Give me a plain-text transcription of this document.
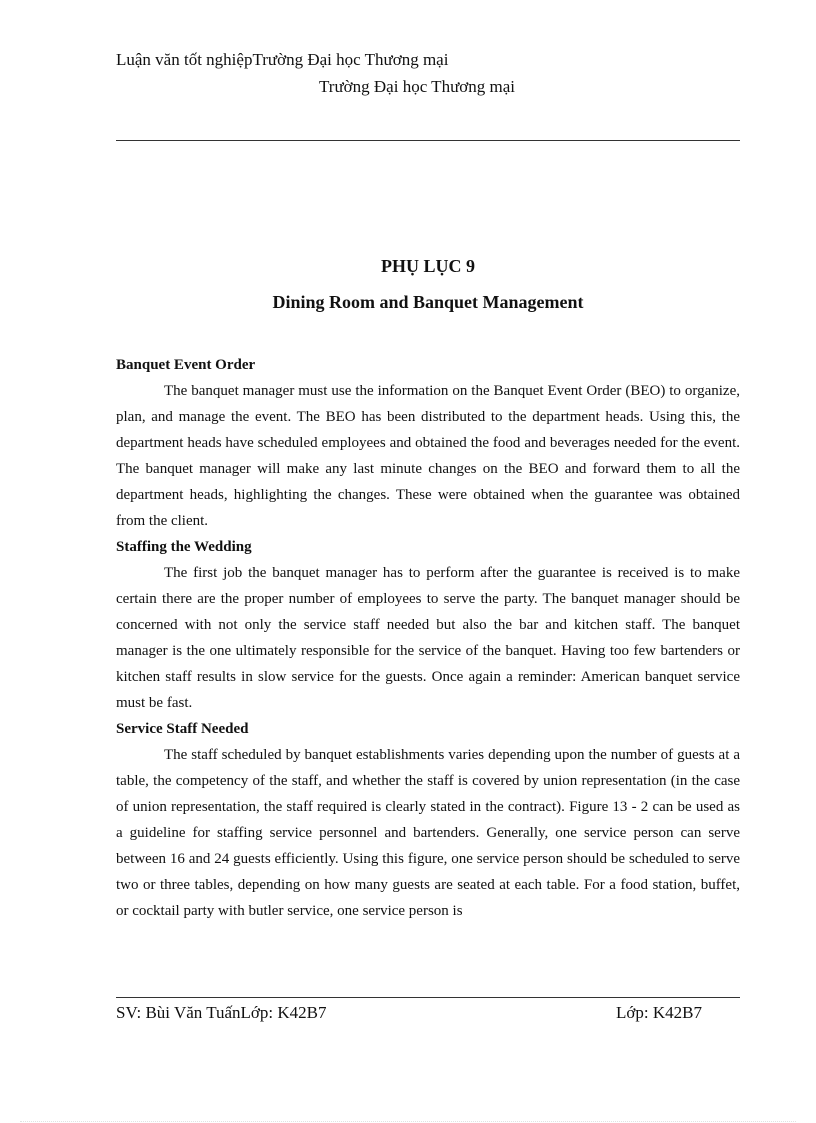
Luận văn tốt nghiệpTrường Đại học Thương mại
Trường Đại học Thương mại
PHỤ LỤC 9
Dining Room and Banquet Management
Banquet Event Order

The banquet manager must use the information on the Banquet Event Order (BEO) to organize, plan, and manage the event. The BEO has been distributed to the department heads. Using this, the department heads have scheduled employees and obtained the food and beverages needed for the event. The banquet manager will make any last minute changes on the BEO and forward them to all the department heads, highlighting the changes. These were obtained when the guarantee was obtained from the client.

Staffing the Wedding

The first job the banquet manager has to perform after the guarantee is received is to make certain there are the proper number of employees to serve the party. The banquet manager should be concerned with not only the service staff needed but also the bar and kitchen staff. The banquet manager is the one ultimately responsible for the service of the banquet. Having too few bartenders or kitchen staff results in slow service for the guests. Once again a reminder: American banquet service must be fast.

Service Staff Needed

The staff scheduled by banquet establishments varies depending upon the number of guests at a table, the competency of the staff, and whether the staff is covered by union representation (in the case of union representation, the staff required is clearly stated in the contract). Figure 13 - 2 can be used as a guideline for staffing service personnel and bartenders. Generally, one service person can serve between 16 and 24 guests efficiently. Using this figure, one service person should be scheduled to serve two or three tables, depending on how many guests are seated at each table. For a food station, buffet, or cocktail party with butler service, one service person is

SV: Bùi Văn TuấnLớp: K42B7	Lớp: K42B7
